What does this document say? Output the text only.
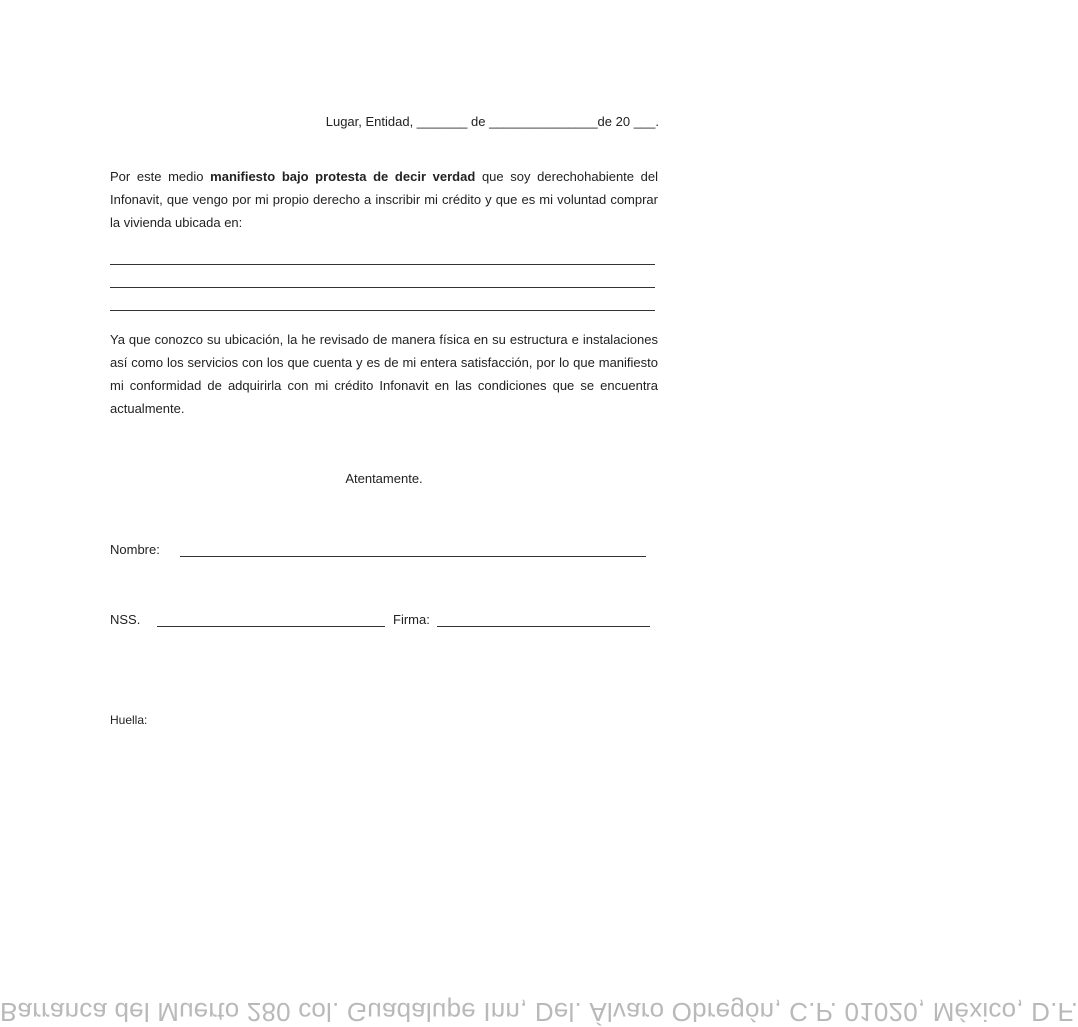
Lugar, Entidad, _______ de _______________de 20 ___.
Por este medio manifiesto bajo protesta de decir verdad que soy derechohabiente del Infonavit, que vengo por mi propio derecho a inscribir mi crédito y que es mi voluntad comprar la vivienda ubicada en:
Ya que conozco su ubicación, la he revisado de manera física en su estructura e instalaciones así como los servicios con los que cuenta y es de mi entera satisfacción, por lo que manifiesto mi conformidad de adquirirla con mi crédito Infonavit en las condiciones que se encuentra actualmente.
Atentamente.
Nombre:
NSS.	Firma:
Huella:
Barranca del Muerto 280 col. Guadalupe Inn, Del. Álvaro Obregón, C.P. 01020, México, D.F.
